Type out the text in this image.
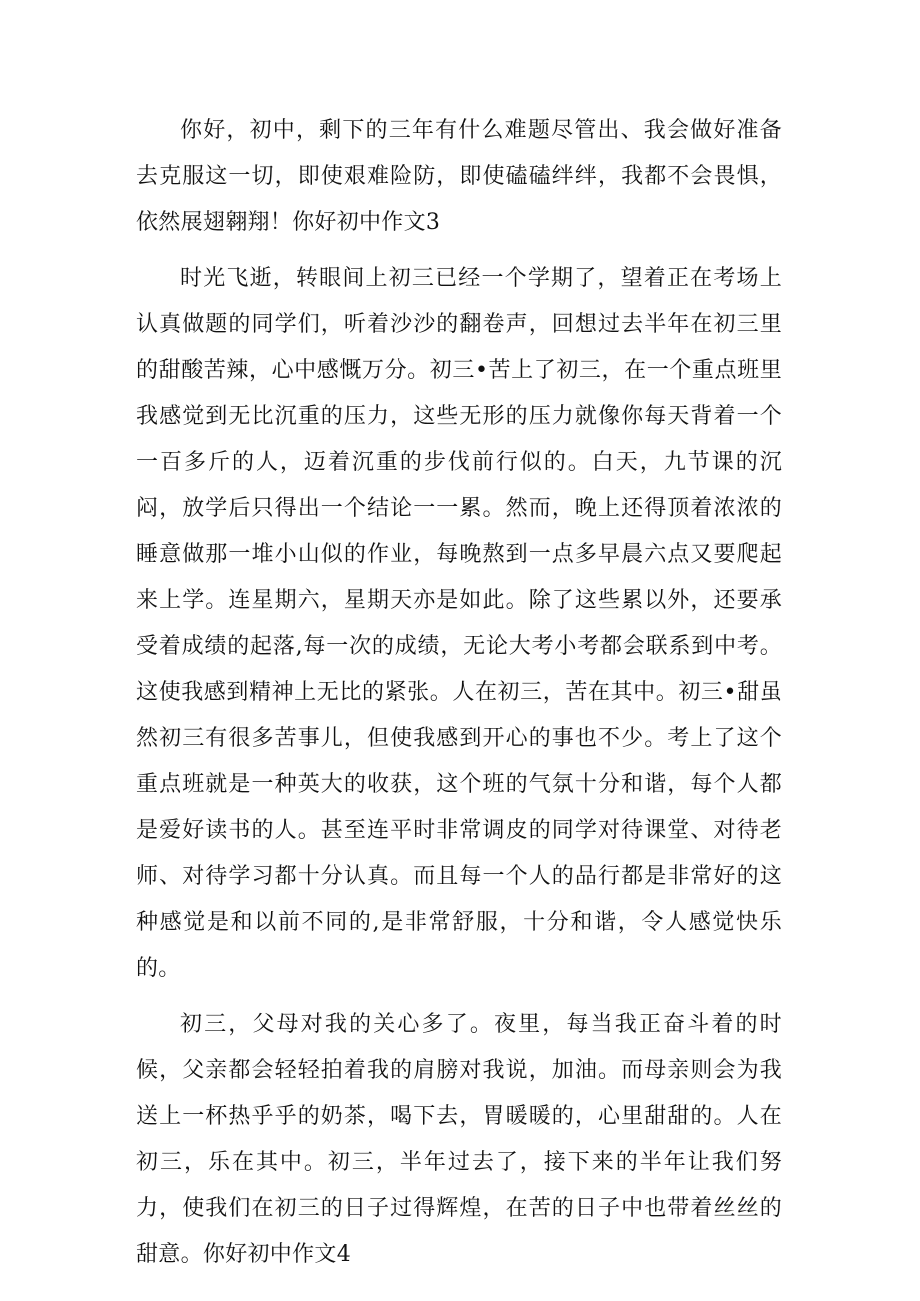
你好，初中，剩下的三年有什么难题尽管出、我会做好准备去克服这一切，即使艰难险防，即使磕磕绊绊，我都不会畏惧，依然展翅翱翔！你好初中作文3

时光飞逝，转眼间上初三已经一个学期了，望着正在考场上认真做题的同学们，听着沙沙的翻卷声，回想过去半年在初三里的甜酸苦辣，心中感慨万分。初三•苦上了初三，在一个重点班里我感觉到无比沉重的压力，这些无形的压力就像你每天背着一个一百多斤的人，迈着沉重的步伐前行似的。白天，九节课的沉闷，放学后只得出一个结论一一累。然而，晚上还得顶着浓浓的睡意做那一堆小山似的作业，每晚熬到一点多早晨六点又要爬起来上学。连星期六，星期天亦是如此。除了这些累以外，还要承受着成绩的起落,每一次的成绩，无论大考小考都会联系到中考。这使我感到精神上无比的紧张。人在初三，苦在其中。初三•甜虽然初三有很多苦事儿，但使我感到开心的事也不少。考上了这个重点班就是一种英大的收获，这个班的气氛十分和谐，每个人都是爱好读书的人。甚至连平时非常调皮的同学对待课堂、对待老师、对待学习都十分认真。而且每一个人的品行都是非常好的这种感觉是和以前不同的,是非常舒服，十分和谐，令人感觉快乐的。

初三，父母对我的关心多了。夜里，每当我正奋斗着的时候，父亲都会轻轻拍着我的肩膀对我说，加油。而母亲则会为我送上一杯热乎乎的奶茶，喝下去，胃暖暖的，心里甜甜的。人在初三，乐在其中。初三，半年过去了，接下来的半年让我们努力，使我们在初三的日子过得辉煌，在苦的日子中也带着丝丝的甜意。你好初中作文4
